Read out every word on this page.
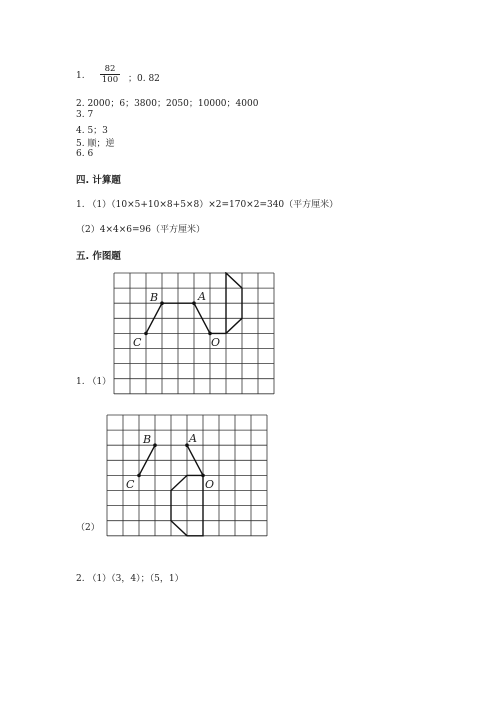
1. $\frac{82}{100}$ ；0. 82
2. 2000；6；3800；2050；10000；4000
3. 7
4. 5；3
5. 顺；逆
6. 6
四. 计算题
1. （1）（10×5+10×8+5×8）×2=170×2=340（平方厘米）
（2）4×4×6=96（平方厘米）
五. 作图题
B	A
C	O
1. （1）
B	A
C	O
（2）
2. （1）（3，4）；（5，1）
